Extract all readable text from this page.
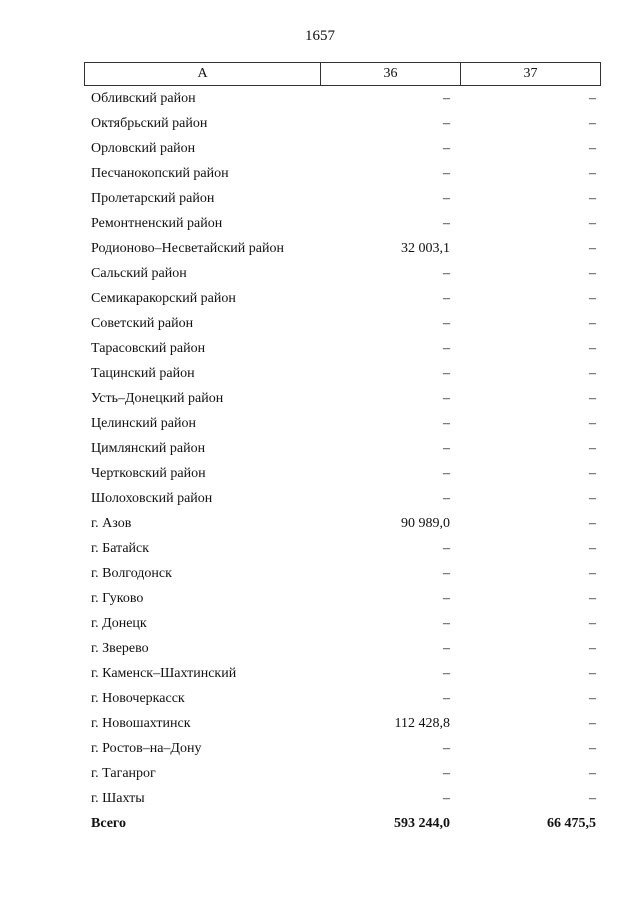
1657
А	36	37
Обливский район	–	–
Октябрьский район	–	–
Орловский район	–	–
Песчанокопский район	–	–
Пролетарский район	–	–
Ремонтненский район	–	–
Родионово–Несветайский район	32 003,1	–
Сальский район	–	–
Семикаракорский район	–	–
Советский район	–	–
Тарасовский район	–	–
Тацинский район	–	–
Усть–Донецкий район	–	–
Целинский район	–	–
Цимлянский район	–	–
Чертковский район	–	–
Шолоховский район	–	–
г. Азов	90 989,0	–
г. Батайск	–	–
г. Волгодонск	–	–
г. Гуково	–	–
г. Донецк	–	–
г. Зверево	–	–
г. Каменск–Шахтинский	–	–
г. Новочеркасск	–	–
г. Новошахтинск	112 428,8	–
г. Ростов–на–Дону	–	–
г. Таганрог	–	–
г. Шахты	–	–
Всего	593 244,0	66 475,5
